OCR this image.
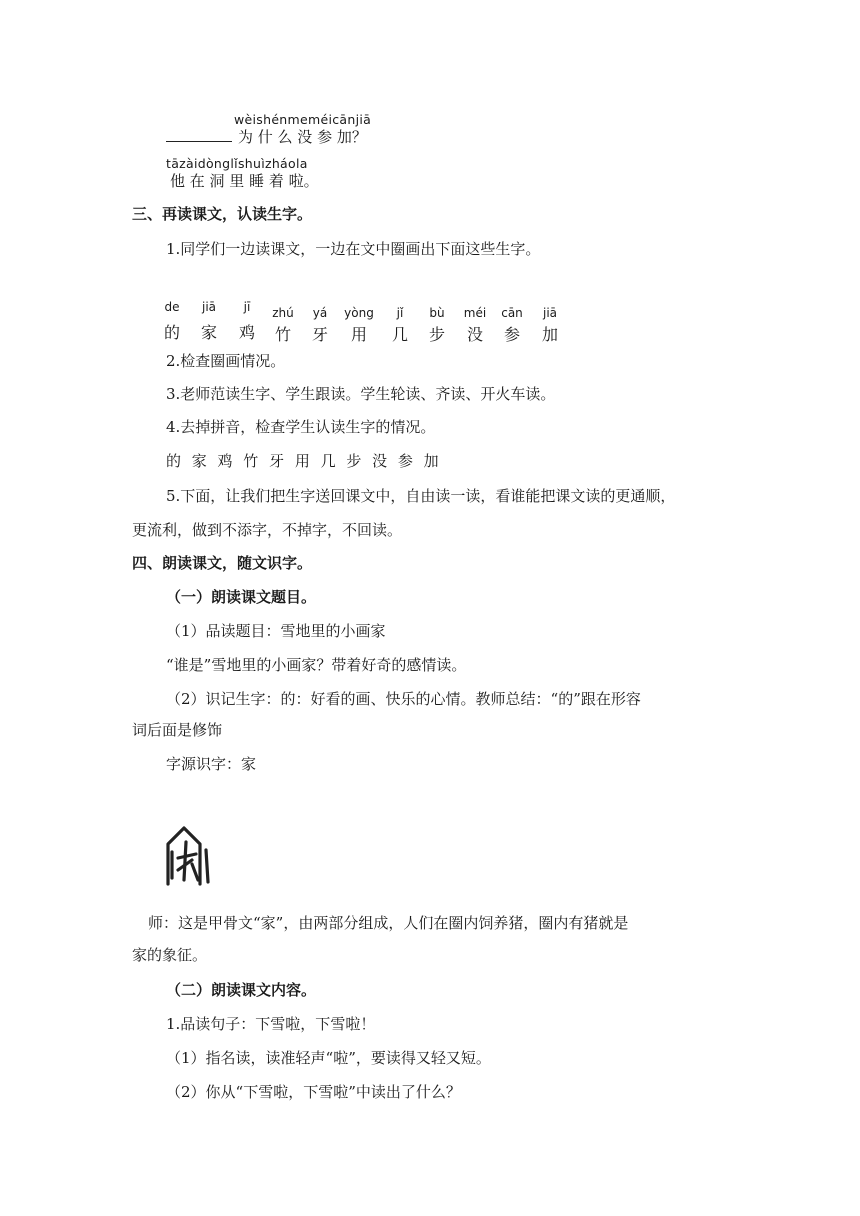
wèishénmeméicānjiā
为 什 么 没 参 加？
tāzàidònglǐshuìzháola
他 在 洞 里 睡 着 啦。
三、再读课文，认读生字。
1.同学们一边读课文，一边在文中圈画出下面这些生字。
de
的
jiā
家
jī
鸡
zhú
竹
yá
牙
yòng
用
jǐ
几
bù
步
méi
没
cān
参
jiā
加
2.检查圈画情况。
3.老师范读生字、学生跟读。学生轮读、齐读、开火车读。
4.去掉拼音，检查学生认读生字的情况。
的 家 鸡 竹 牙 用 几 步 没 参 加
5.下面，让我们把生字送回课文中，自由读一读，看谁能把课文读的更通顺，
更流利，做到不添字，不掉字，不回读。
四、朗读课文，随文识字。
（一）朗读课文题目。
（1）品读题目：雪地里的小画家
“谁是”雪地里的小画家？带着好奇的感情读。
（2）识记生字：的：好看的画、快乐的心情。教师总结：“的”跟在形容
词后面是修饰
字源识字：家
师：这是甲骨文“家”，由两部分组成，人们在圈内饲养猪，圈内有猪就是
家的象征。
（二）朗读课文内容。
1.品读句子：下雪啦，下雪啦！
（1）指名读，读准轻声“啦”，要读得又轻又短。
（2）你从“下雪啦，下雪啦”中读出了什么？
